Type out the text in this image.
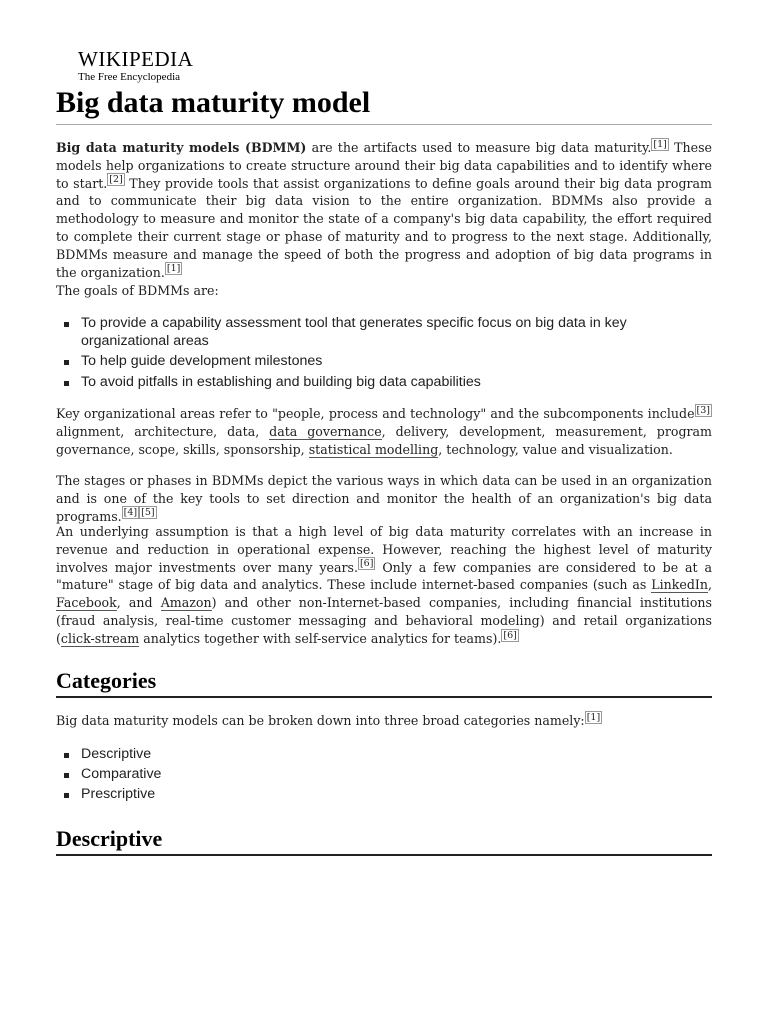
WIKIPEDIA
The Free Encyclopedia
Big data maturity model

Big data maturity models (BDMM) are the artifacts used to measure big data maturity. [1] These models help organizations to create structure around their big data capabilities and to identify where to start. [2] They provide tools that assist organizations to define goals around their big data program and to communicate their big data vision to the entire organization. BDMMs also provide a methodology to measure and monitor the state of a company's big data capability, the effort required to complete their current stage or phase of maturity and to progress to the next stage. Additionally, BDMMs measure and manage the speed of both the progress and adoption of big data programs in the organization. [1]

The goals of BDMMs are:

To provide a capability assessment tool that generates specific focus on big data in key organizational areas
To help guide development milestones
To avoid pitfalls in establishing and building big data capabilities

Key organizational areas refer to "people, process and technology" and the subcomponents include [3] alignment, architecture, data, data governance, delivery, development, measurement, program governance, scope, skills, sponsorship, statistical modelling, technology, value and visualization.

The stages or phases in BDMMs depict the various ways in which data can be used in an organization and is one of the key tools to set direction and monitor the health of an organization's big data programs. [4] [5]

An underlying assumption is that a high level of big data maturity correlates with an increase in revenue and reduction in operational expense. However, reaching the highest level of maturity involves major investments over many years. [6] Only a few companies are considered to be at a "mature" stage of big data and analytics. These include internet-based companies (such as LinkedIn, Facebook, and Amazon) and other non-Internet-based companies, including financial institutions (fraud analysis, real-time customer messaging and behavioral modeling) and retail organizations (click-stream analytics together with self-service analytics for teams). [6]

Categories

Big data maturity models can be broken down into three broad categories namely: [1]

Descriptive
Comparative
Prescriptive
Descriptive
